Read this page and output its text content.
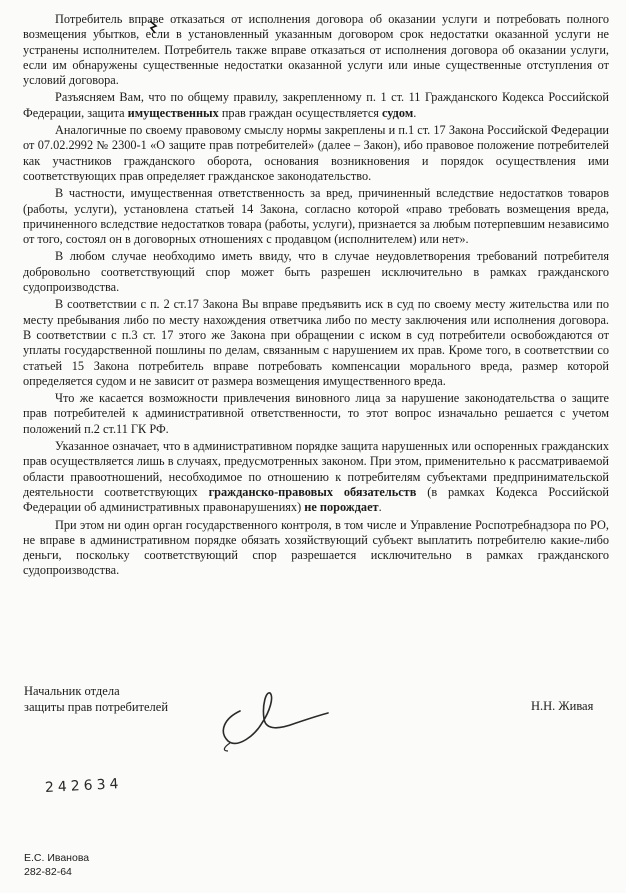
Потребитель вправе отказаться от исполнения договора об оказании услуги и потребовать полного возмещения убытков, если в установленный указанным договором срок недостатки оказанной услуги не устранены исполнителем. Потребитель также вправе отказаться от исполнения договора об оказании услуги, если им обнаружены существенные недостатки оказанной услуги или иные существенные отступления от условий договора.

Разъясняем Вам, что по общему правилу, закрепленному п. 1 ст. 11 Гражданского Кодекса Российской Федерации, защита имущественных прав граждан осуществляется судом.

Аналогичные по своему правовому смыслу нормы закреплены и п.1 ст. 17 Закона Российской Федерации от 07.02.2992 № 2300-1 «О защите прав потребителей» (далее – Закон), ибо правовое положение потребителей как участников гражданского оборота, основания возникновения и порядок осуществления ими соответствующих прав определяет гражданское законодательство.

В частности, имущественная ответственность за вред, причиненный вследствие недостатков товаров (работы, услуги), установлена статьей 14 Закона, согласно которой «право требовать возмещения вреда, причиненного вследствие недостатков товара (работы, услуги), признается за любым потерпевшим независимо от того, состоял он в договорных отношениях с продавцом (исполнителем) или нет».

В любом случае необходимо иметь ввиду, что в случае неудовлетворения требований потребителя добровольно соответствующий спор может быть разрешен исключительно в рамках гражданского судопроизводства.

В соответствии с п. 2 ст.17 Закона Вы вправе предъявить иск в суд по своему месту жительства или по месту пребывания либо по месту нахождения ответчика либо по месту заключения или исполнения договора. В соответствии с п.3 ст. 17 этого же Закона при обращении с иском в суд потребители освобождаются от уплаты государственной пошлины по делам, связанным с нарушением их прав. Кроме того, в соответствии со статьей 15 Закона потребитель вправе потребовать компенсации морального вреда, размер которой определяется судом и не зависит от размера возмещения имущественного вреда.

Что же касается возможности привлечения виновного лица за нарушение законодательства о защите прав потребителей к административной ответственности, то этот вопрос изначально решается с учетом положений п.2 ст.11 ГК РФ.

Указанное означает, что в административном порядке защита нарушенных или оспоренных гражданских прав осуществляется лишь в случаях, предусмотренных законом. При этом, применительно к рассматриваемой области правоотношений, несобходимое по отношению к потребителям субъектами предпринимательской деятельности соответствующих гражданско-правовых обязательств (в рамках Кодекса Российской Федерации об административных правонарушениях) не порождает.

При этом ни один орган государственного контроля, в том числе и Управление Роспотребнадзора по РО, не вправе в административном порядке обязать хозяйствующий субъект выплатить потребителю какие-либо деньги, поскольку соответствующий спор разрешается исключительно в рамках гражданского судопроизводства.

Начальник отдела
защиты прав потребителей	Н.Н. Живая
242634
Е.С. Иванова
282-82-64
